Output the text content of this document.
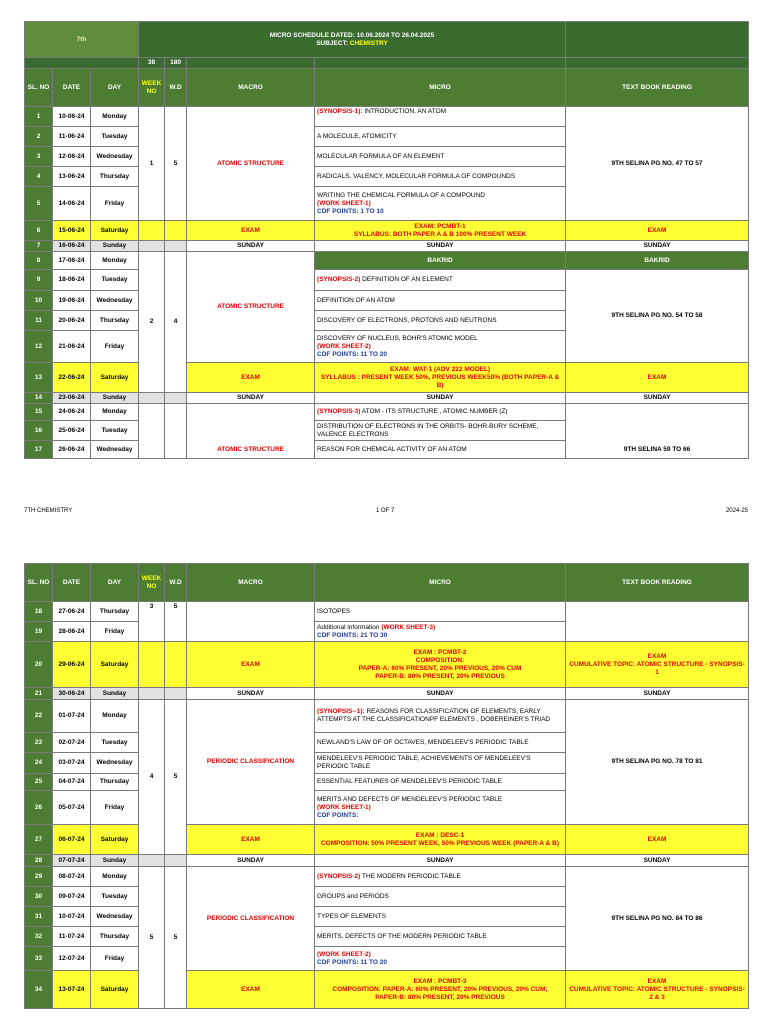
7th			MICRO SCHEDULE DATED: 10.06.2024 TO 26.04.2025
SUBJECT: CHEMISTRY				
			38	180			
SL. NO	DATE	DAY	WEEK NO	W.D	MACRO	MICRO	TEXT BOOK READING
1	10-06-24	Monday	1	5	ATOMIC STRUCTURE	(SYNOPSIS-1): INTRODUCTION, AN ATOM	9TH SELINA PG NO. 47 TO 57
2	11-06-24	Tuesday				A MOLECULE, ATOMICITY	
3	12-06-24	Wednesday				MOLECULAR FORMULA OF AN ELEMENT	
4	13-06-24	Thursday				RADICALS, VALENCY, MOLECULAR FORMULA OF COMPOUNDS	
5	14-06-24	Friday				WRITING THE CHEMICAL FORMULA OF A COMPOUND
(WORK SHEET-1)
CDF POINTS: 1 TO 10	
6	15-06-24	Saturday			EXAM	EXAM: PCMBT-1
SYLLABUS: BOTH PAPER A & B 100% PRESENT WEEK	EXAM
7	16-06-24	Sunday			SUNDAY	SUNDAY	SUNDAY
8	17-06-24	Monday	2	4	ATOMIC STRUCTURE	BAKRID	BAKRID
9	18-06-24	Tuesday				(SYNOPSIS-2) DEFINITION OF AN ELEMENT	9TH SELINA PG NO. 54 TO 58
10	19-06-24	Wednesday				DEFINITION OF AN ATOM	
11	20-06-24	Thursday				DISCOVERY OF ELECTRONS, PROTONS AND NEUTRONS	
12	21-06-24	Friday				DISCOVERY OF NUCLEUS, BOHR'S ATOMIC MODEL
(WORK SHEET-2)
CDF POINTS: 11 TO 20	
13	22-06-24	Saturday			EXAM	EXAM: WAT-1 (ADV 222 MODEL)
SYLLABUS : PRESENT WEEK 50%, PREVIOUS WEEK50% (BOTH PAPER-A & B)	EXAM
14	23-06-24	Sunday			SUNDAY	SUNDAY	SUNDAY
15	24-06-24	Monday			ATOMIC STRUCTURE	(SYNOPSIS-3) ATOM - ITS STRUCTURE , ATOMIC NUMBER (Z)	9TH SELINA 59 TO 66
16	25-06-24	Tuesday				DISTRIBUTION OF ELECTRONS IN THE ORBITS- BOHR-BURY SCHEME, VALENCE ELECTRONS	
17	26-06-24	Wednesday				REASON FOR CHEMICAL ACTIVITY OF AN ATOM	
7TH CHEMISTRY	1 OF 7	2024-25
SL. NO	DATE	DAY	WEEK NO	W.D	MACRO	MICRO	TEXT BOOK READING
18	27-06-24	Thursday	3	5		ISOTOPES	
19	28-06-24	Friday				Additional information (WORK SHEET-3)
CDF POINTS: 21 TO 30	
20	29-06-24	Saturday			EXAM	EXAM : PCMBT-2
COMPOSITION:
PAPER-A: 60% PRESENT, 20% PREVIOUS, 20% CUM
PAPER-B: 80% PRESENT, 20% PREVIOUS	EXAM
CUMULATIVE TOPIC: ATOMIC STRUCTURE - SYNOPSIS-1
21	30-06-24	Sunday			SUNDAY	SUNDAY	SUNDAY
22	01-07-24	Monday	4	5	PERIODIC CLASSIFICATION	(SYNOPSIS--1): REASONS FOR CLASSIFICATION OF ELEMENTS, EARLY ATTEMPTS AT THE CLASSIFICATIONPF ELEMENTS , DOBEREINER'S TRIAD	9TH SELINA PG NO. 78 TO 81
23	02-07-24	Tuesday				NEWLAND'S LAW OF OF OCTAVES, MENDELEEV'S PERIODIC TABLE	
24	03-07-24	Wednesday				MENDELEEV'S PERIODIC TABLE, ACHIEVEMENTS OF MENDELEEV'S PERIODIC TABLE	
25	04-07-24	Thursday				ESSENTIAL FEATURES OF MENDELEEV'S PERIODIC TABLE	
26	05-07-24	Friday				MERITS AND DEFECTS OF MENDELEEV'S PERIODIC TABLE
(WORK SHEET-1)
CDF POINTS:	
27	06-07-24	Saturday			EXAM	EXAM : DESC-1
COMPOSITION: 50% PRESENT WEEK, 50% PREVIOUS WEEK (PAPER-A & B)	EXAM
28	07-07-24	Sunday			SUNDAY	SUNDAY	SUNDAY
29	08-07-24	Monday	5	5	PERIODIC CLASSIFICATION	(SYNOPSIS-2) THE MODERN PERIODIC TABLE	9TH SELINA PG NO. 84 TO 86
30	09-07-24	Tuesday				GROUPS and PERIODS	
31	10-07-24	Wednesday				TYPES OF ELEMENTS	
32	11-07-24	Thursday				MERITS, DEFECTS OF THE MODERN PERIODIC TABLE	
33	12-07-24	Friday				(WORK SHEET-2)
CDF POINTS: 11 TO 20	
34	13-07-24	Saturday			EXAM	EXAM : PCMBT-3
COMPOSITION: PAPER-A: 60% PRESENT, 20% PREVIOUS, 20% CUM;
PAPER-B: 80% PRESENT, 20% PREVIOUS	EXAM
CUMULATIVE TOPIC: ATOMIC STRUCTURE - SYNOPSIS-2 & 3
